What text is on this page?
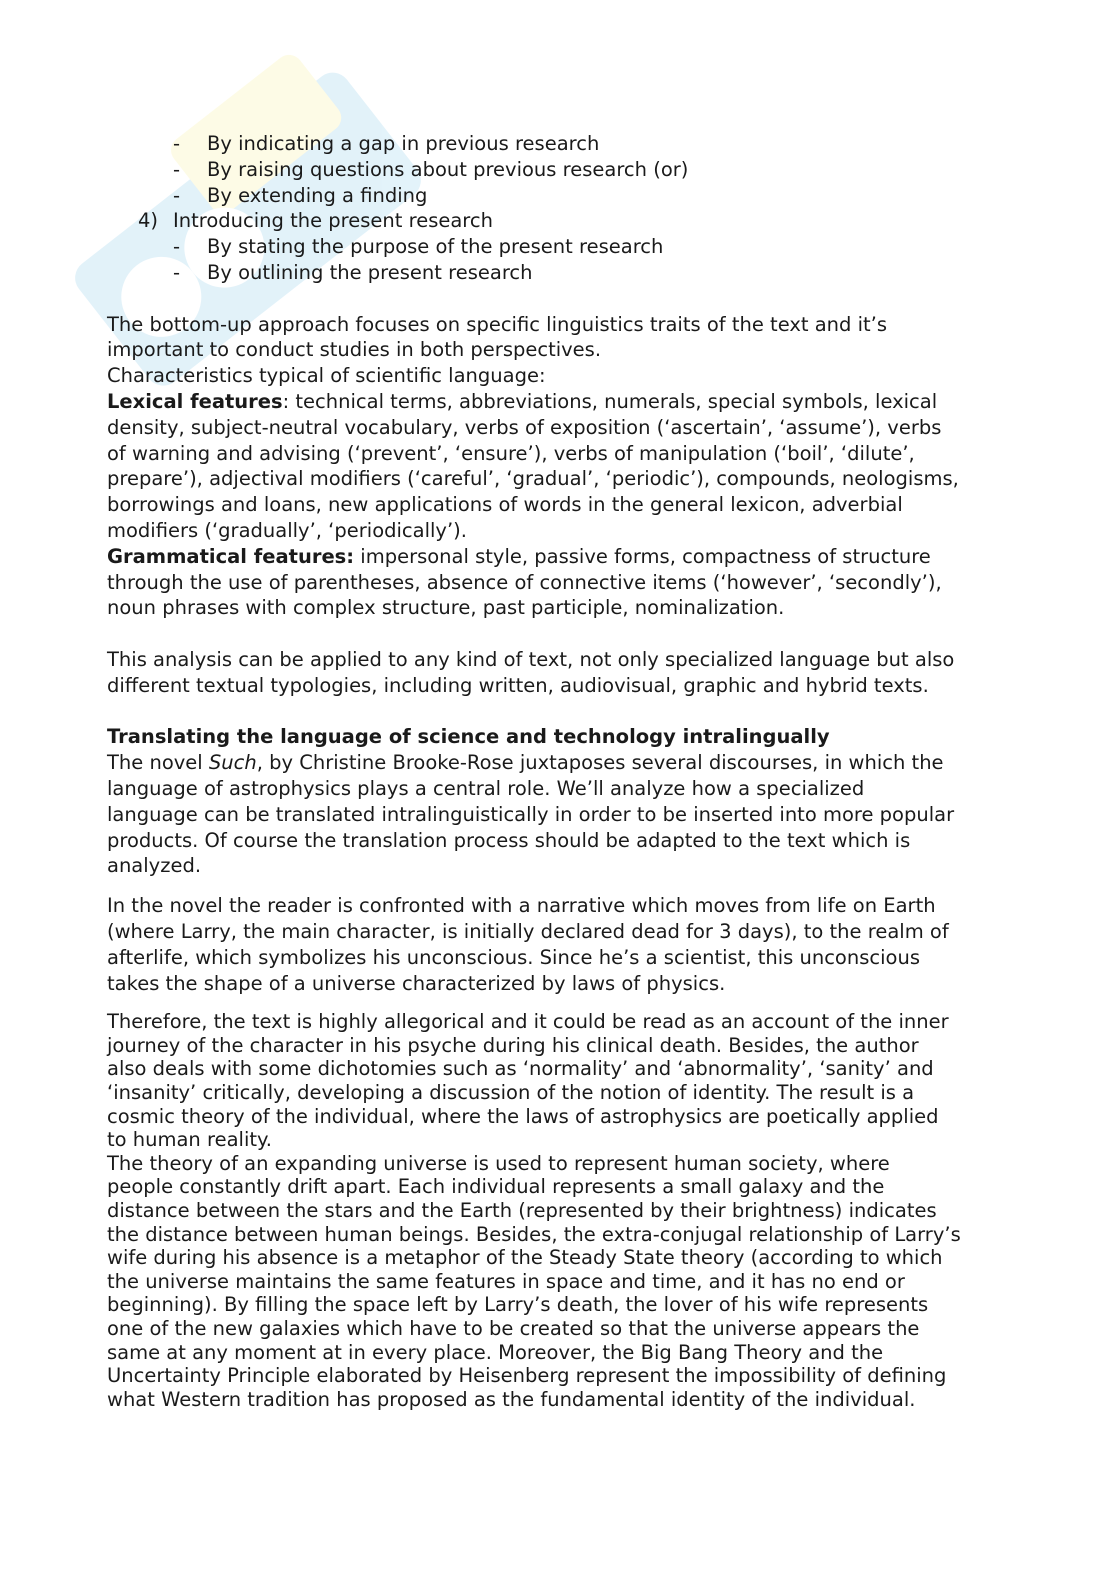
- By indicating a gap in previous research
- By raising questions about previous research (or)
- By extending a finding
4) Introducing the present research
- By stating the purpose of the present research
- By outlining the present research
The bottom-up approach focuses on specific linguistics traits of the text and it’s
important to conduct studies in both perspectives.
Characteristics typical of scientific language:
Lexical features: technical terms, abbreviations, numerals, special symbols, lexical
density, subject-neutral vocabulary, verbs of exposition (‘ascertain’, ‘assume’), verbs
of warning and advising (‘prevent’, ‘ensure’), verbs of manipulation (‘boil’, ‘dilute’,
prepare’), adjectival modifiers (‘careful’, ‘gradual’, ‘periodic’), compounds, neologisms,
borrowings and loans, new applications of words in the general lexicon, adverbial
modifiers (‘gradually’, ‘periodically’).
Grammatical features: impersonal style, passive forms, compactness of structure
through the use of parentheses, absence of connective items (‘however’, ‘secondly’),
noun phrases with complex structure, past participle, nominalization.
This analysis can be applied to any kind of text, not only specialized language but also
different textual typologies, including written, audiovisual, graphic and hybrid texts.
Translating the language of science and technology intralingually
The novel Such, by Christine Brooke-Rose juxtaposes several discourses, in which the
language of astrophysics plays a central role. We’ll analyze how a specialized
language can be translated intralinguistically in order to be inserted into more popular
products. Of course the translation process should be adapted to the text which is
analyzed.
In the novel the reader is confronted with a narrative which moves from life on Earth
(where Larry, the main character, is initially declared dead for 3 days), to the realm of
afterlife, which symbolizes his unconscious. Since he’s a scientist, this unconscious
takes the shape of a universe characterized by laws of physics.
Therefore, the text is highly allegorical and it could be read as an account of the inner
journey of the character in his psyche during his clinical death. Besides, the author
also deals with some dichotomies such as ‘normality’ and ‘abnormality’, ‘sanity’ and
‘insanity’ critically, developing a discussion of the notion of identity. The result is a
cosmic theory of the individual, where the laws of astrophysics are poetically applied
to human reality.
The theory of an expanding universe is used to represent human society, where
people constantly drift apart. Each individual represents a small galaxy and the
distance between the stars and the Earth (represented by their brightness) indicates
the distance between human beings. Besides, the extra-conjugal relationship of Larry’s
wife during his absence is a metaphor of the Steady State theory (according to which
the universe maintains the same features in space and time, and it has no end or
beginning). By filling the space left by Larry’s death, the lover of his wife represents
one of the new galaxies which have to be created so that the universe appears the
same at any moment at in every place. Moreover, the Big Bang Theory and the
Uncertainty Principle elaborated by Heisenberg represent the impossibility of defining
what Western tradition has proposed as the fundamental identity of the individual.
